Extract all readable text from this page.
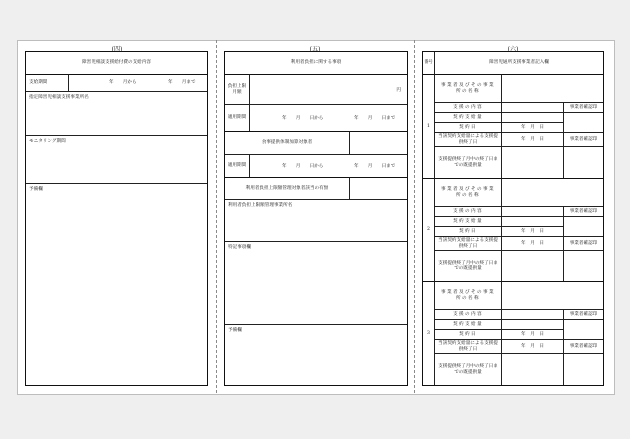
(四)
障害児相談支援給付費の支給内容
支給期間	年　　月から	年　　月まで
指定障害児相談支援事業所名
モニタリング期間
予備欄
(五)
利用者負担に関する事項
負担上限月額	円
適用期間	年　　月　　日から	年　　月　　日まで
食事提供体制加算対象者
適用期間	年　　月　　日から	年　　月　　日まで
利用者負担上限額管理対象者該当の有無
利用者負担上限額管理事業所名
特記事項欄
予備欄
(六)
番号	障害児通所支援事業者記入欄
1
事業者及びその事業所の名称
支援の内容	事業者確認印
契約支給量
契約日	年　月　日
当該契約支給量による支援提供終了日
年　月　日	事業者確認印
支援提供終了月中の終了日までの既提供量
2
事業者及びその事業所の名称
支援の内容	事業者確認印
契約支給量
契約日	年　月　日
当該契約支給量による支援提供終了日
年　月　日	事業者確認印
支援提供終了月中の終了日までの既提供量
3
事業者及びその事業所の名称
支援の内容	事業者確認印
契約支給量
契約日	年　月　日
当該契約支給量による支援提供終了日
年　月　日	事業者確認印
支援提供終了月中の終了日までの既提供量
